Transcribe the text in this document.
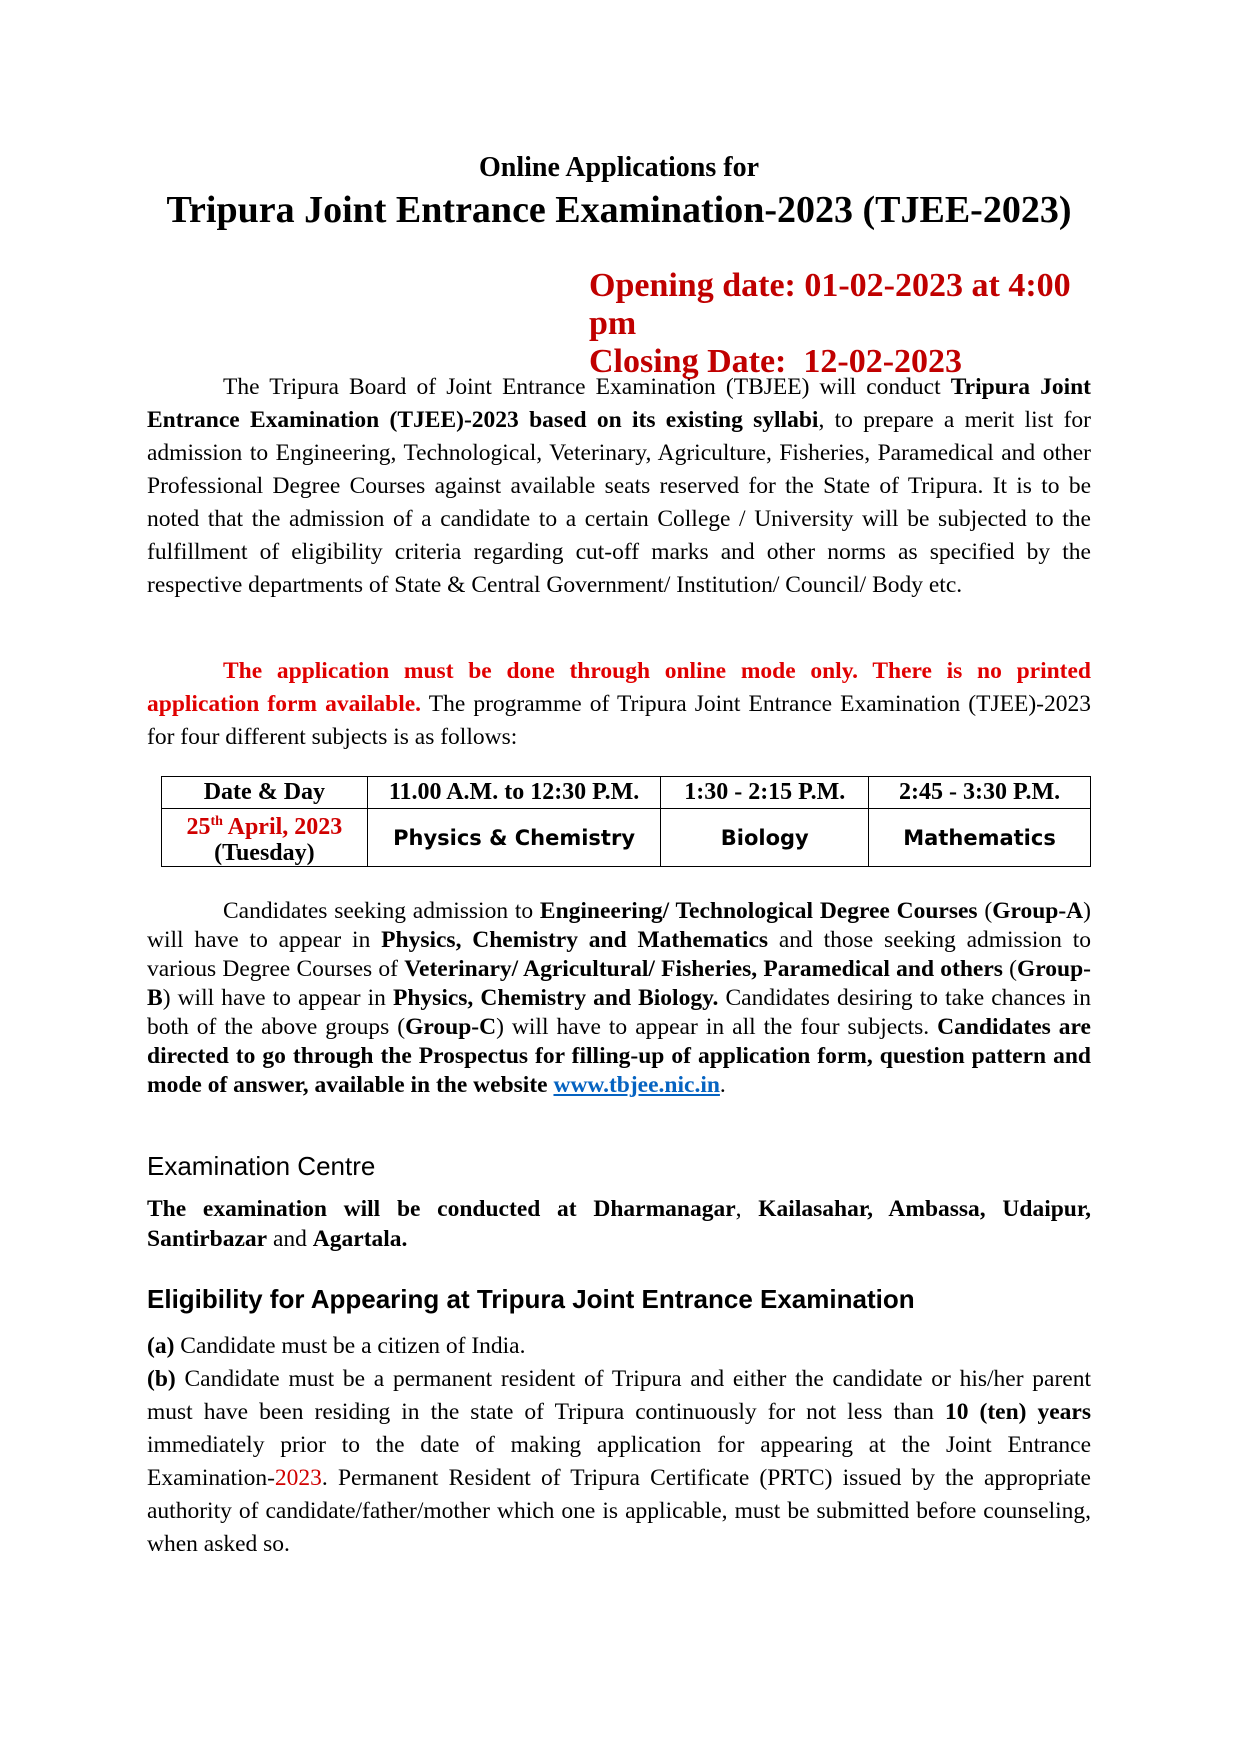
Online Applications for
Tripura Joint Entrance Examination-2023 (TJEE-2023)
Opening date: 01-02-2023 at 4:00 pm
Closing Date:  12-02-2023

The Tripura Board of Joint Entrance Examination (TBJEE) will conduct Tripura Joint Entrance Examination (TJEE)-2023 based on its existing syllabi, to prepare a merit list for admission to Engineering, Technological, Veterinary, Agriculture, Fisheries, Paramedical and other Professional Degree Courses against available seats reserved for the State of Tripura. It is to be noted that the admission of a candidate to a certain College / University will be subjected to the fulfillment of eligibility criteria regarding cut-off marks and other norms as specified by the respective departments of State & Central Government/ Institution/ Council/ Body etc.

The application must be done through online mode only. There is no printed application form available. The programme of Tripura Joint Entrance Examination (TJEE)-2023 for four different subjects is as follows:

Date & Day	11.00 A.M. to 12:30 P.M.	1:30 - 2:15 P.M.	2:45 - 3:30 P.M.
25th April, 2023
(Tuesday)	Physics & Chemistry	Biology	Mathematics

Candidates seeking admission to Engineering/ Technological Degree Courses (Group-A) will have to appear in Physics, Chemistry and Mathematics and those seeking admission to various Degree Courses of Veterinary/ Agricultural/ Fisheries, Paramedical and others (Group-B) will have to appear in Physics, Chemistry and Biology. Candidates desiring to take chances in both of the above groups (Group-C) will have to appear in all the four subjects. Candidates are directed to go through the Prospectus for filling-up of application form, question pattern and mode of answer, available in the website www.tbjee.nic.in.

Examination Centre

The examination will be conducted at Dharmanagar, Kailasahar, Ambassa, Udaipur, Santirbazar and Agartala.

Eligibility for Appearing at Tripura Joint Entrance Examination

(a) Candidate must be a citizen of India.

(b) Candidate must be a permanent resident of Tripura and either the candidate or his/her parent must have been residing in the state of Tripura continuously for not less than 10 (ten) years immediately prior to the date of making application for appearing at the Joint Entrance Examination-2023. Permanent Resident of Tripura Certificate (PRTC) issued by the appropriate authority of candidate/father/mother which one is applicable, must be submitted before counseling, when asked so.
